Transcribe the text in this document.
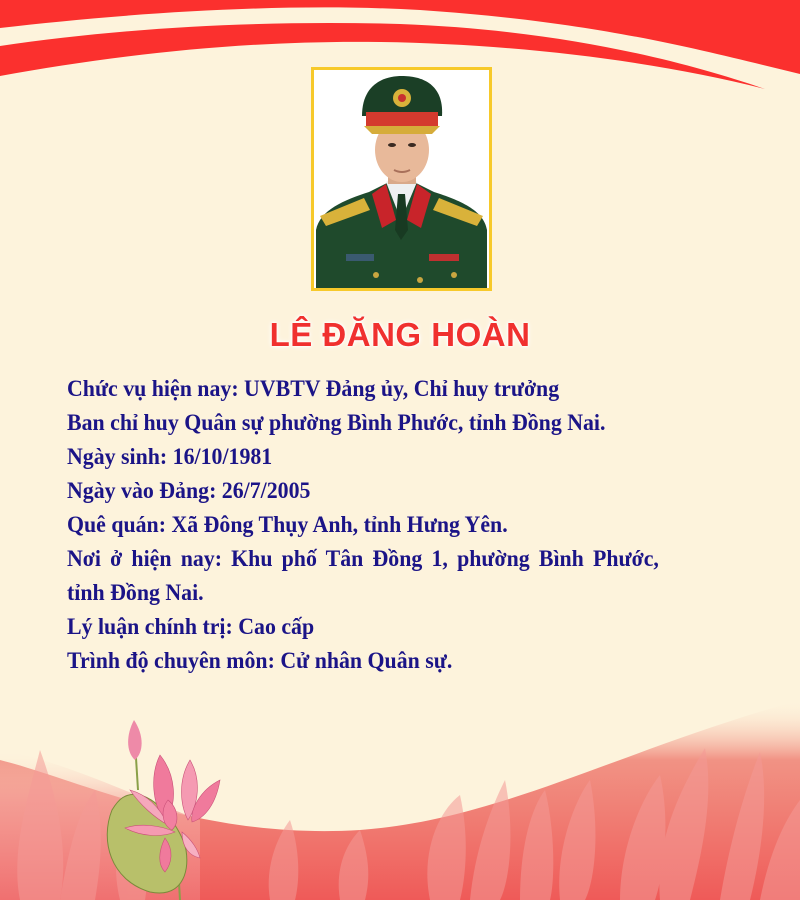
LÊ ĐĂNG HOÀN
Chức vụ hiện nay: UVBTV Đảng ủy, Chỉ huy trưởng
Ban chỉ huy Quân sự phường Bình Phước, tỉnh Đồng Nai.
Ngày sinh: 16/10/1981
Ngày vào Đảng: 26/7/2005
Quê quán: Xã Đông Thụy Anh, tỉnh Hưng Yên.
Nơi ở hiện nay: Khu phố Tân Đồng 1, phường Bình Phước,
tỉnh Đồng Nai.
Lý luận chính trị: Cao cấp
Trình độ chuyên môn: Cử nhân Quân sự.
